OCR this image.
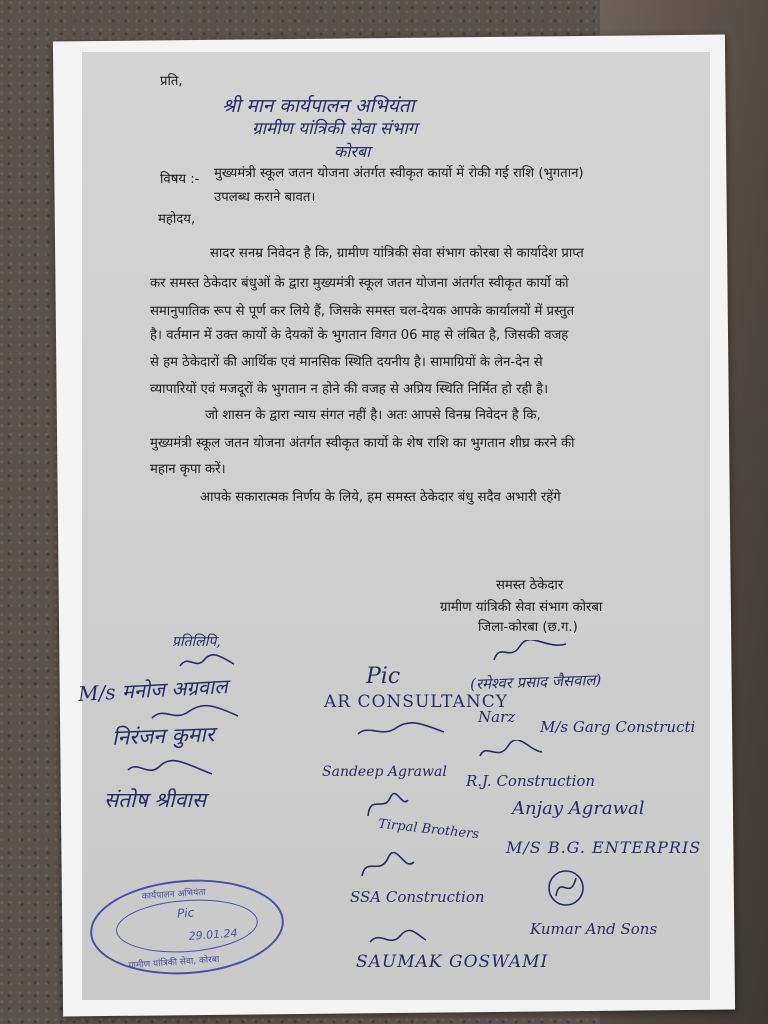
प्रति,
श्री मान कार्यपालन अभियंता
ग्रामीण यांत्रिकी सेवा संभाग
कोरबा
विषय :- मुख्यमंत्री स्कूल जतन योजना अंतर्गत स्वीकृत कार्यो में रोकी गई राशि (भुगतान)
उपलब्ध कराने बावत।
महोदय,
सादर सनम्र निवेदन है कि, ग्रामीण यांत्रिकी सेवा संभाग कोरबा से कार्यादेश प्राप्त
कर समस्त ठेकेदार बंधुओं के द्वारा मुख्यमंत्री स्कूल जतन योजना अंतर्गत स्वीकृत कार्यो को
समानुपातिक रूप से पूर्ण कर लिये हैं, जिसके समस्त चल-देयक आपके कार्यालयों में प्रस्तुत
है। वर्तमान में उक्त कार्यो के देयकों के भुगतान विगत 06 माह से लंबित है, जिसकी वजह
से हम ठेकेदारों की आर्थिक एवं मानसिक स्थिति दयनीय है। सामाग्रियों के लेन-देन से
व्यापारियों एवं मजदूरों के भुगतान न होने की वजह से अप्रिय स्थिति निर्मित हो रही है।
जो शासन के द्वारा न्याय संगत नहीं है। अतः आपसे विनम्र निवेदन है कि,
मुख्यमंत्री स्कूल जतन योजना अंतर्गत स्वीकृत कार्यो के शेष राशि का भुगतान शीघ्र करने की
महान कृपा करें।
आपके सकारात्मक निर्णय के लिये, हम समस्त ठेकेदार बंधु सदैव अभारी रहेंगे
समस्त ठेकेदार
ग्रामीण यांत्रिकी सेवा संभाग कोरबा
जिला-कोरबा (छ.ग.)
प्रतिलिपि,
M/s मनोज अग्रवाल
निरंजन कुमार
संतोष श्रीवास
Pic
AR CONSULTANCY
(रमेश्वर प्रसाद जैसवाल)
Narz
M/s Garg Constructi
Sandeep Agrawal R.J. Construction
Anjay Agrawal
Tirpal Brothers
M/S B.G. ENTERPRIS
SSA Construction
Kumar And Sons
SAUMAK GOSWAMI
कार्यपालन अभियंता
Pic
29.01.24
ग्रामीण यांत्रिकी सेवा, कोरबा
